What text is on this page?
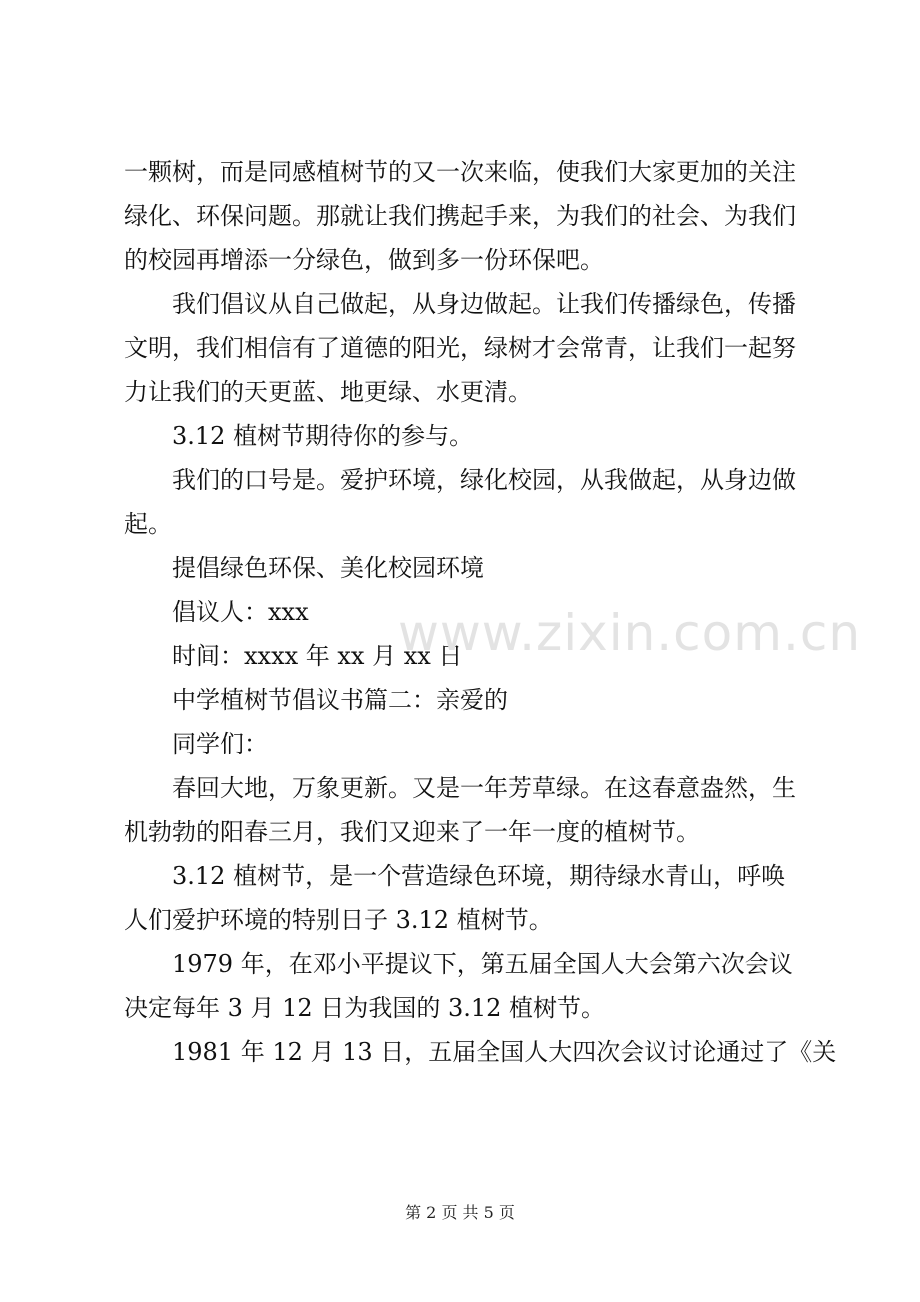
一颗树，而是同感植树节的又一次来临，使我们大家更加的关注
绿化、环保问题。那就让我们携起手来，为我们的社会、为我们
的校园再增添一分绿色，做到多一份环保吧。
我们倡议从自己做起，从身边做起。让我们传播绿色，传播
文明，我们相信有了道德的阳光，绿树才会常青，让我们一起努
力让我们的天更蓝、地更绿、水更清。
3.12 植树节期待你的参与。
我们的口号是。爱护环境，绿化校园，从我做起，从身边做
起。
提倡绿色环保、美化校园环境
倡议人：xxx
时间：xxxx 年 xx 月 xx 日
中学植树节倡议书篇二：亲爱的
同学们：
春回大地，万象更新。又是一年芳草绿。在这春意盎然，生
机勃勃的阳春三月，我们又迎来了一年一度的植树节。
3.12 植树节，是一个营造绿色环境，期待绿水青山，呼唤
人们爱护环境的特别日子 3.12 植树节。
1979 年，在邓小平提议下，第五届全国人大会第六次会议
决定每年 3 月 12 日为我国的 3.12 植树节。
1981 年 12 月 13 日，五届全国人大四次会议讨论通过了《关
www.zixin.com.cn
第 2 页 共 5 页
